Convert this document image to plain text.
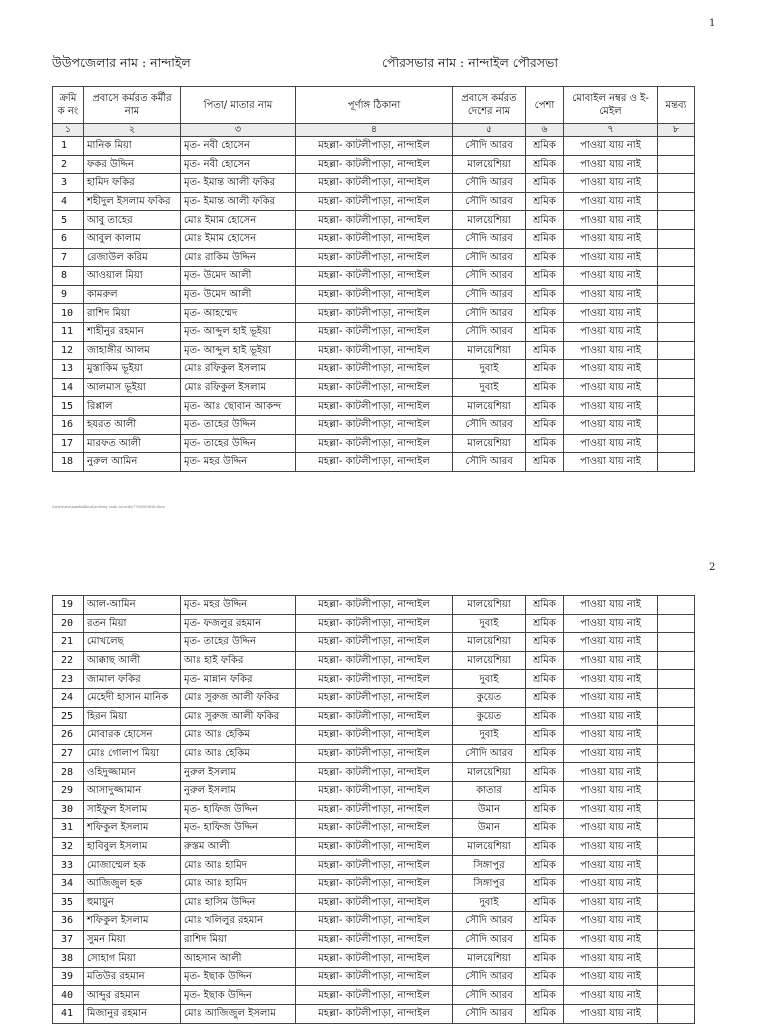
1
উউপজেলার নাম : নান্দাইল	পৌরসভার নাম : নান্দাইল পৌরসভা
ক্রমি ক নং	প্রবাসে কর্মরত কর্মীর নাম	পিতা/ মাতার নাম	পূর্ণাঙ্গ ঠিকানা	প্রবাসে কর্মরত দেশের নাম	পেশা	মোবাইল নম্বর ও ই-মেইল	মন্তব্য
১	২	৩	৪	৫	৬	৭	৮
1	মানিক মিয়া	মৃত- নবী হোসেন	মহল্লা- কাটলীপাড়া, নান্দাইল	সৌদি আরব	শ্রমিক	পাওয়া যায় নাই	
2	ফকর উদ্দিন	মৃত- নবী হোসেন	মহল্লা- কাটলীপাড়া, নান্দাইল	মালয়েশিয়া	শ্রমিক	পাওয়া যায় নাই	
3	হামিদ ফকির	মৃত- ইমান্ত আলী ফকির	মহল্লা- কাটলীপাড়া, নান্দাইল	সৌদি আরব	শ্রমিক	পাওয়া যায় নাই	
4	শহীদুল ইসলাম ফকির	মৃত- ইমান্ত আলী ফকির	মহল্লা- কাটলীপাড়া, নান্দাইল	সৌদি আরব	শ্রমিক	পাওয়া যায় নাই	
5	আবু তাহের	মোঃ ইমাম হোসেন	মহল্লা- কাটলীপাড়া, নান্দাইল	মালয়েশিয়া	শ্রমিক	পাওয়া যায় নাই	
6	আবুল কালাম	মোঃ ইমাম হোসেন	মহল্লা- কাটলীপাড়া, নান্দাইল	সৌদি আরব	শ্রমিক	পাওয়া যায় নাই	
7	রেজাউল করিম	মোঃ রাকিম উদ্দিন	মহল্লা- কাটলীপাড়া, নান্দাইল	সৌদি আরব	শ্রমিক	পাওয়া যায় নাই	
8	আওয়াল মিয়া	মৃত- উমেদ আলী	মহল্লা- কাটলীপাড়া, নান্দাইল	সৌদি আরব	শ্রমিক	পাওয়া যায় নাই	
9	কামরুল	মৃত- উমেদ আলী	মহল্লা- কাটলীপাড়া, নান্দাইল	সৌদি আরব	শ্রমিক	পাওয়া যায় নাই	
10	রাশিদ মিয়া	মৃত- আহম্মেদ	মহল্লা- কাটলীপাড়া, নান্দাইল	সৌদি আরব	শ্রমিক	পাওয়া যায় নাই	
11	শাহীনুর রহমান	মৃত- আব্দুল হাই ভূইয়া	মহল্লা- কাটলীপাড়া, নান্দাইল	সৌদি আরব	শ্রমিক	পাওয়া যায় নাই	
12	জাহাঙ্গীর আলম	মৃত- আব্দুল হাই ভূইয়া	মহল্লা- কাটলীপাড়া, নান্দাইল	মালয়েশিয়া	শ্রমিক	পাওয়া যায় নাই	
13	মুস্তাকিম ভূইয়া	মোঃ রফিকুল ইসলাম	মহল্লা- কাটলীপাড়া, নান্দাইল	দুবাই	শ্রমিক	পাওয়া যায় নাই	
14	আলমাস ভূইয়া	মোঃ রফিকুল ইসলাম	মহল্লা- কাটলীপাড়া, নান্দাইল	দুবাই	শ্রমিক	পাওয়া যায় নাই	
15	রিপ্পাল	মৃত- আঃ ছোবান আকন্দ	মহল্লা- কাটলীপাড়া, নান্দাইল	মালয়েশিয়া	শ্রমিক	পাওয়া যায় নাই	
16	হযরত আলী	মৃত- তাহের উদ্দিন	মহল্লা- কাটলীপাড়া, নান্দাইল	সৌদি আরব	শ্রমিক	পাওয়া যায় নাই	
17	মারফত আলী	মৃত- তাহের উদ্দিন	মহল্লা- কাটলীপাড়া, নান্দাইল	মালয়েশিয়া	শ্রমিক	পাওয়া যায় নাই	
18	নুরুল আমিন	মৃত- মহর উদ্দিন	মহল্লা- কাটলীপাড়া, নান্দাইল	সৌদি আরব	শ্রমিক	পাওয়া যায় নাই	
\\www\ww\nandaillocal\activity_task_records\7760580638.docx
2
19	আল-আমিন	মৃত- মহর উদ্দিন	মহল্লা- কাটলীপাড়া, নান্দাইল	মালয়েশিয়া	শ্রমিক	পাওয়া যায় নাই	
20	রতন মিয়া	মৃত- ফজলুর রহমান	মহল্লা- কাটলীপাড়া, নান্দাইল	দুবাই	শ্রমিক	পাওয়া যায় নাই	
21	মোখলেছ	মৃত- তাহের উদ্দিন	মহল্লা- কাটলীপাড়া, নান্দাইল	মালয়েশিয়া	শ্রমিক	পাওয়া যায় নাই	
22	আক্কাছ আলী	আঃ হাই ফকির	মহল্লা- কাটলীপাড়া, নান্দাইল	মালয়েশিয়া	শ্রমিক	পাওয়া যায় নাই	
23	জামাল ফকির	মৃত- মান্নান ফকির	মহল্লা- কাটলীপাড়া, নান্দাইল	দুবাই	শ্রমিক	পাওয়া যায় নাই	
24	মেহেদী হাসান মানিক	মোঃ সুরুজ আলী ফকির	মহল্লা- কাটলীপাড়া, নান্দাইল	কুয়েত	শ্রমিক	পাওয়া যায় নাই	
25	হিরন মিয়া	মোঃ সুরুজ আলী ফকির	মহল্লা- কাটলীপাড়া, নান্দাইল	কুয়েত	শ্রমিক	পাওয়া যায় নাই	
26	মোবারক হোসেন	মোঃ আঃ হেকিম	মহল্লা- কাটলীপাড়া, নান্দাইল	দুবাই	শ্রমিক	পাওয়া যায় নাই	
27	মোঃ গোলাপ মিয়া	মোঃ আঃ হেকিম	মহল্লা- কাটলীপাড়া, নান্দাইল	সৌদি আরব	শ্রমিক	পাওয়া যায় নাই	
28	ওহিদুজ্জামান	নুরুল ইসলাম	মহল্লা- কাটলীপাড়া, নান্দাইল	মালয়েশিয়া	শ্রমিক	পাওয়া যায় নাই	
29	আসাদুজ্জামান	নুরুল ইসলাম	মহল্লা- কাটলীপাড়া, নান্দাইল	কাতার	শ্রমিক	পাওয়া যায় নাই	
30	সাইফুল ইসলাম	মৃত- হাফিজ উদ্দিন	মহল্লা- কাটলীপাড়া, নান্দাইল	উমান	শ্রমিক	পাওয়া যায় নাই	
31	শফিকুল ইসলাম	মৃত- হাফিজ উদ্দিন	মহল্লা- কাটলীপাড়া, নান্দাইল	উমান	শ্রমিক	পাওয়া যায় নাই	
32	হাবিবুল ইসলাম	রুস্তম আলী	মহল্লা- কাটলীপাড়া, নান্দাইল	মালয়েশিয়া	শ্রমিক	পাওয়া যায় নাই	
33	মোজাম্মেল হক	মোঃ আঃ হামিদ	মহল্লা- কাটলীপাড়া, নান্দাইল	সিঙ্গাপুর	শ্রমিক	পাওয়া যায় নাই	
34	আজিজুল হক	মোঃ আঃ হামিদ	মহল্লা- কাটলীপাড়া, নান্দাইল	সিঙ্গাপুর	শ্রমিক	পাওয়া যায় নাই	
35	হুমায়ুন	মোঃ হাসিম উদ্দিন	মহল্লা- কাটলীপাড়া, নান্দাইল	দুবাই	শ্রমিক	পাওয়া যায় নাই	
36	শফিকুল ইসলাম	মোঃ খলিলুর রহমান	মহল্লা- কাটলীপাড়া, নান্দাইল	সৌদি আরব	শ্রমিক	পাওয়া যায় নাই	
37	সুমন মিয়া	রাশিদ মিয়া	মহল্লা- কাটলীপাড়া, নান্দাইল	সৌদি আরব	শ্রমিক	পাওয়া যায় নাই	
38	সোহাগ মিয়া	আহসান আলী	মহল্লা- কাটলীপাড়া, নান্দাইল	মালয়েশিয়া	শ্রমিক	পাওয়া যায় নাই	
39	মতিউর রহমান	মৃত- ইছাক উদ্দিন	মহল্লা- কাটলীপাড়া, নান্দাইল	সৌদি আরব	শ্রমিক	পাওয়া যায় নাই	
40	আব্দুর রহমান	মৃত- ইছাক উদ্দিন	মহল্লা- কাটলীপাড়া, নান্দাইল	সৌদি আরব	শ্রমিক	পাওয়া যায় নাই	
41	মিজানুর রহমান	মোঃ আজিজুল ইসলাম	মহল্লা- কাটলীপাড়া, নান্দাইল	সৌদি আরব	শ্রমিক	পাওয়া যায় নাই	
